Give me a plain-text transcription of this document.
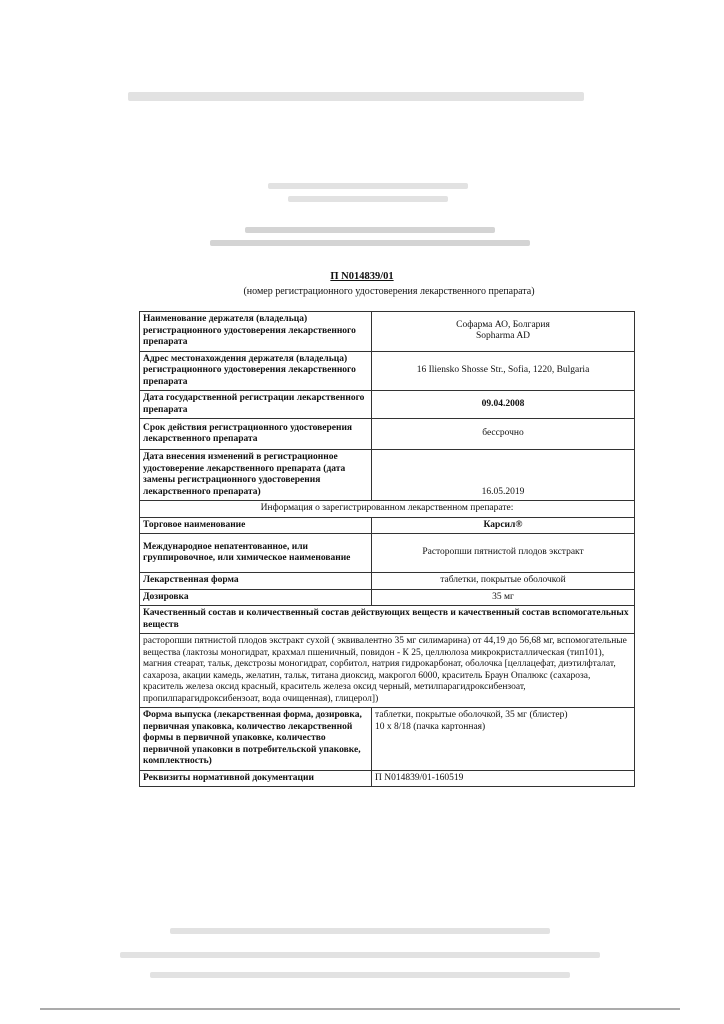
П N014839/01
(номер регистрационного удостоверения лекарственного препарата)
Наименование держателя (владельца) регистрационного удостоверения лекарственного препарата	Софарма АО, Болгария
Sopharma AD

Адрес местонахождения держателя (владельца) регистрационного удостоверения лекарственного препарата	16 Iliensko Shosse Str., Sofia, 1220, Bulgaria
Дата государственной регистрации лекарственного препарата	09.04.2008
Срок действия регистрационного удостоверения лекарственного препарата	бессрочно
Дата внесения изменений в регистрационное удостоверение лекарственного препарата (дата замены регистрационного удостоверения лекарственного препарата)	16.05.2019
Информация о зарегистрированном лекарственном препарате:	
Торговое наименование	Карсил®
Международное непатентованное, или группировочное, или химическое наименование	Расторопши пятнистой плодов экстракт
Лекарственная форма	таблетки, покрытые оболочкой
Дозировка	35 мг
Качественный состав и количественный состав действующих веществ и качественный состав вспомогательных веществ	
расторопши пятнистой плодов экстракт сухой ( эквивалентно 35 мг силимарина) от 44,19 до 56,68 мг, вспомогательные вещества (лактозы моногидрат, крахмал пшеничный, повидон - К 25, целлюлоза микрокристаллическая (тип101), магния стеарат, тальк, декстрозы моногидрат, сорбитол, натрия гидрокарбонат, оболочка [целлацефат, диэтилфталат, сахароза, акации камедь, желатин, тальк, титана диоксид, макрогол 6000, краситель Браун Опалюкс (сахароза, краситель железа оксид красный, краситель железа оксид черный, метилпарагидроксибензоат, пропилпарагидроксибензоат, вода очищенная), глицерол])	
Форма выпуска (лекарственная форма, дозировка, первичная упаковка, количество лекарственной формы в первичной упаковке, количество первичной упаковки в потребительской упаковке, комплектность)	таблетки, покрытые оболочкой, 35 мг (блистер)
10 х 8/18 (пачка картонная)

Реквизиты нормативной документации	П N014839/01-160519
